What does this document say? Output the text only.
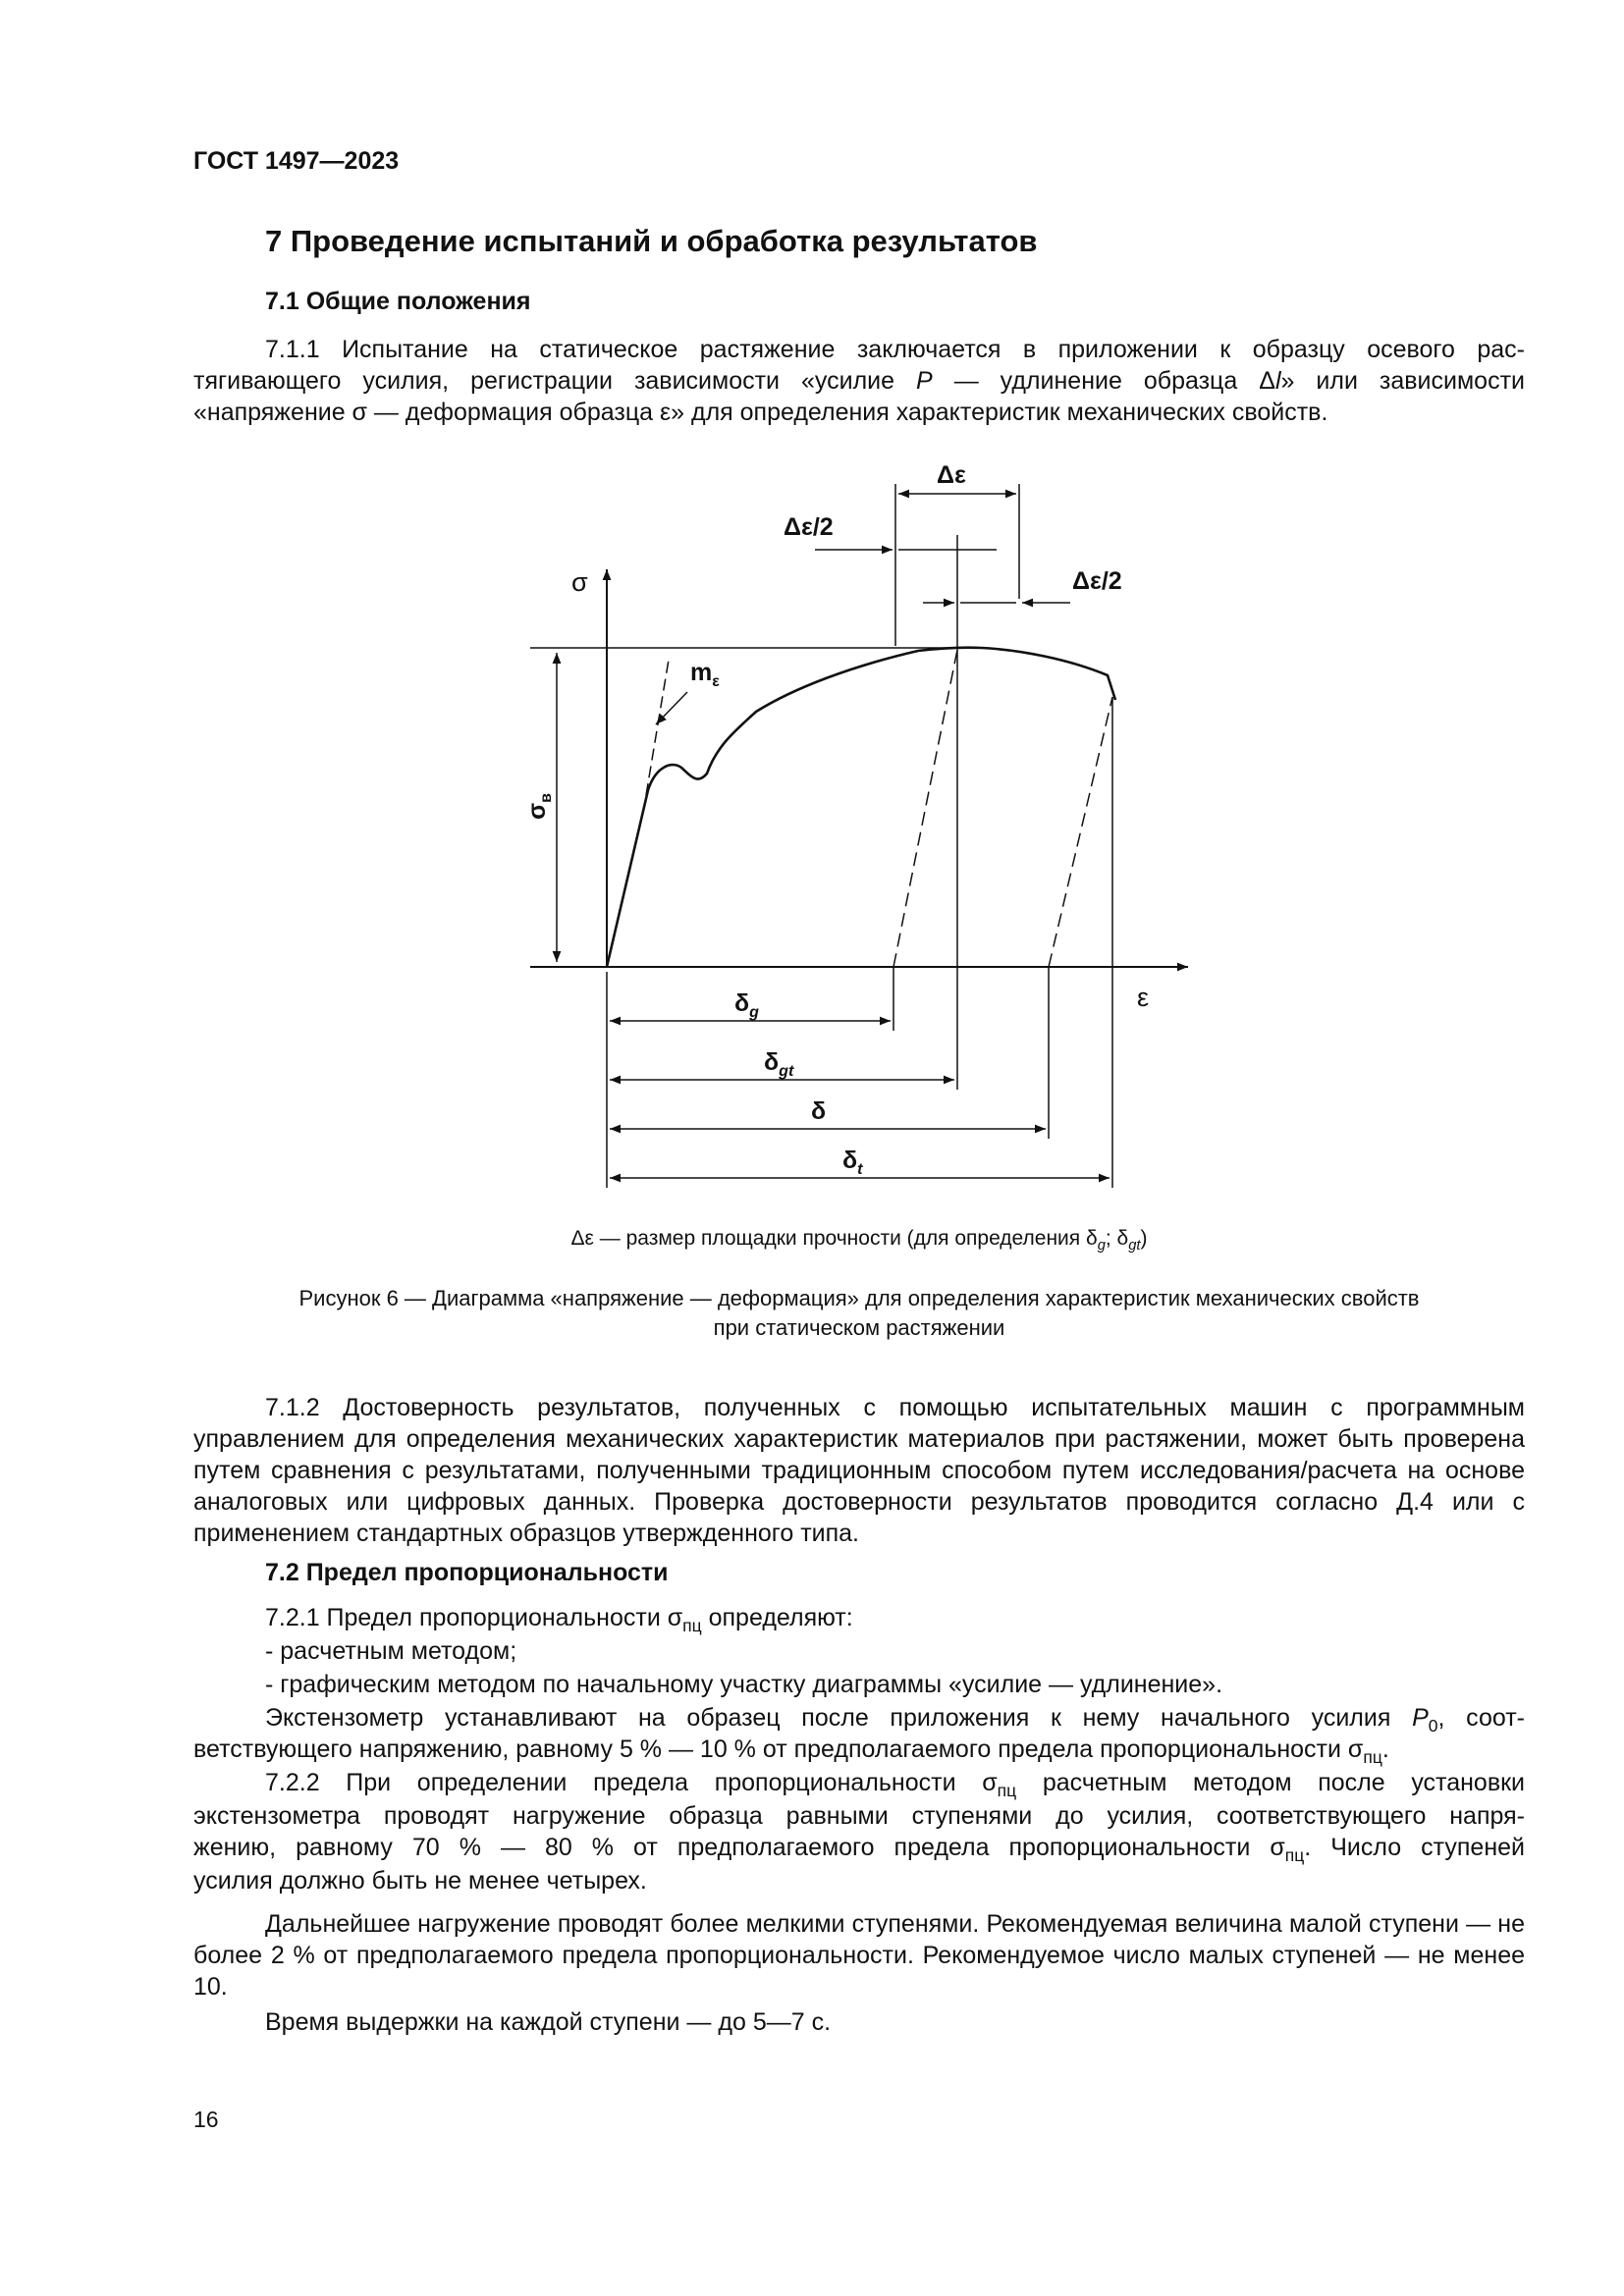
ГОСТ 1497—2023
7 Проведение испытаний и обработка результатов
7.1 Общие положения
7.1.1 Испытание на статическое растяжение заключается в приложении к образцу осевого рас-
тягивающего усилия, регистрации зависимости «усилие P — удлинение образца Δl» или зависимости
«напряжение σ — деформация образца ε» для определения характеристик механических свойств.
σ
ε
Δε
Δε/2
Δε/2
$m_\varepsilon$
$\sigma_в$
$\delta_g$
$\delta_{gt}$
δ
$\delta_t$
Δε — размер площадки прочности (для определения $\delta_g$; $\delta_{gt}$)
Рисунок 6 — Диаграмма «напряжение — деформация» для определения характеристик механических свойств
при статическом растяжении

7.1.2 Достоверность результатов, полученных с помощью испытательных машин с программным управлением для определения механических характеристик материалов при растяжении, может быть проверена путем сравнения с результатами, полученными традиционным способом путем исследования/расчета на основе аналоговых или цифровых данных. Проверка достоверности результатов проводится согласно Д.4 или с применением стандартных образцов утвержденного типа.

7.2 Предел пропорциональности
7.2.1 Предел пропорциональности $\sigma_{пц}$ определяют:
- расчетным методом;
- графическим методом по начальному участку диаграммы «усилие — удлинение».
Экстензометр устанавливают на образец после приложения к нему начального усилия $P_0$, соот-
ветствующего напряжению, равному 5 % — 10 % от предполагаемого предела пропорциональности $\sigma_{пц}$.
7.2.2 При определении предела пропорциональности $\sigma_{пц}$ расчетным методом после установки
экстензометра проводят нагружение образца равными ступенями до усилия, соответствующего напря-
жению, равному 70 % — 80 % от предполагаемого предела пропорциональности $\sigma_{пц}$. Число ступеней
усилия должно быть не менее четырех.

Дальнейшее нагружение проводят более мелкими ступенями. Рекомендуемая величина малой ступени — не более 2 % от предполагаемого предела пропорциональности. Рекомендуемое число малых ступеней — не менее 10.

Время выдержки на каждой ступени — до 5—7 с.
16
